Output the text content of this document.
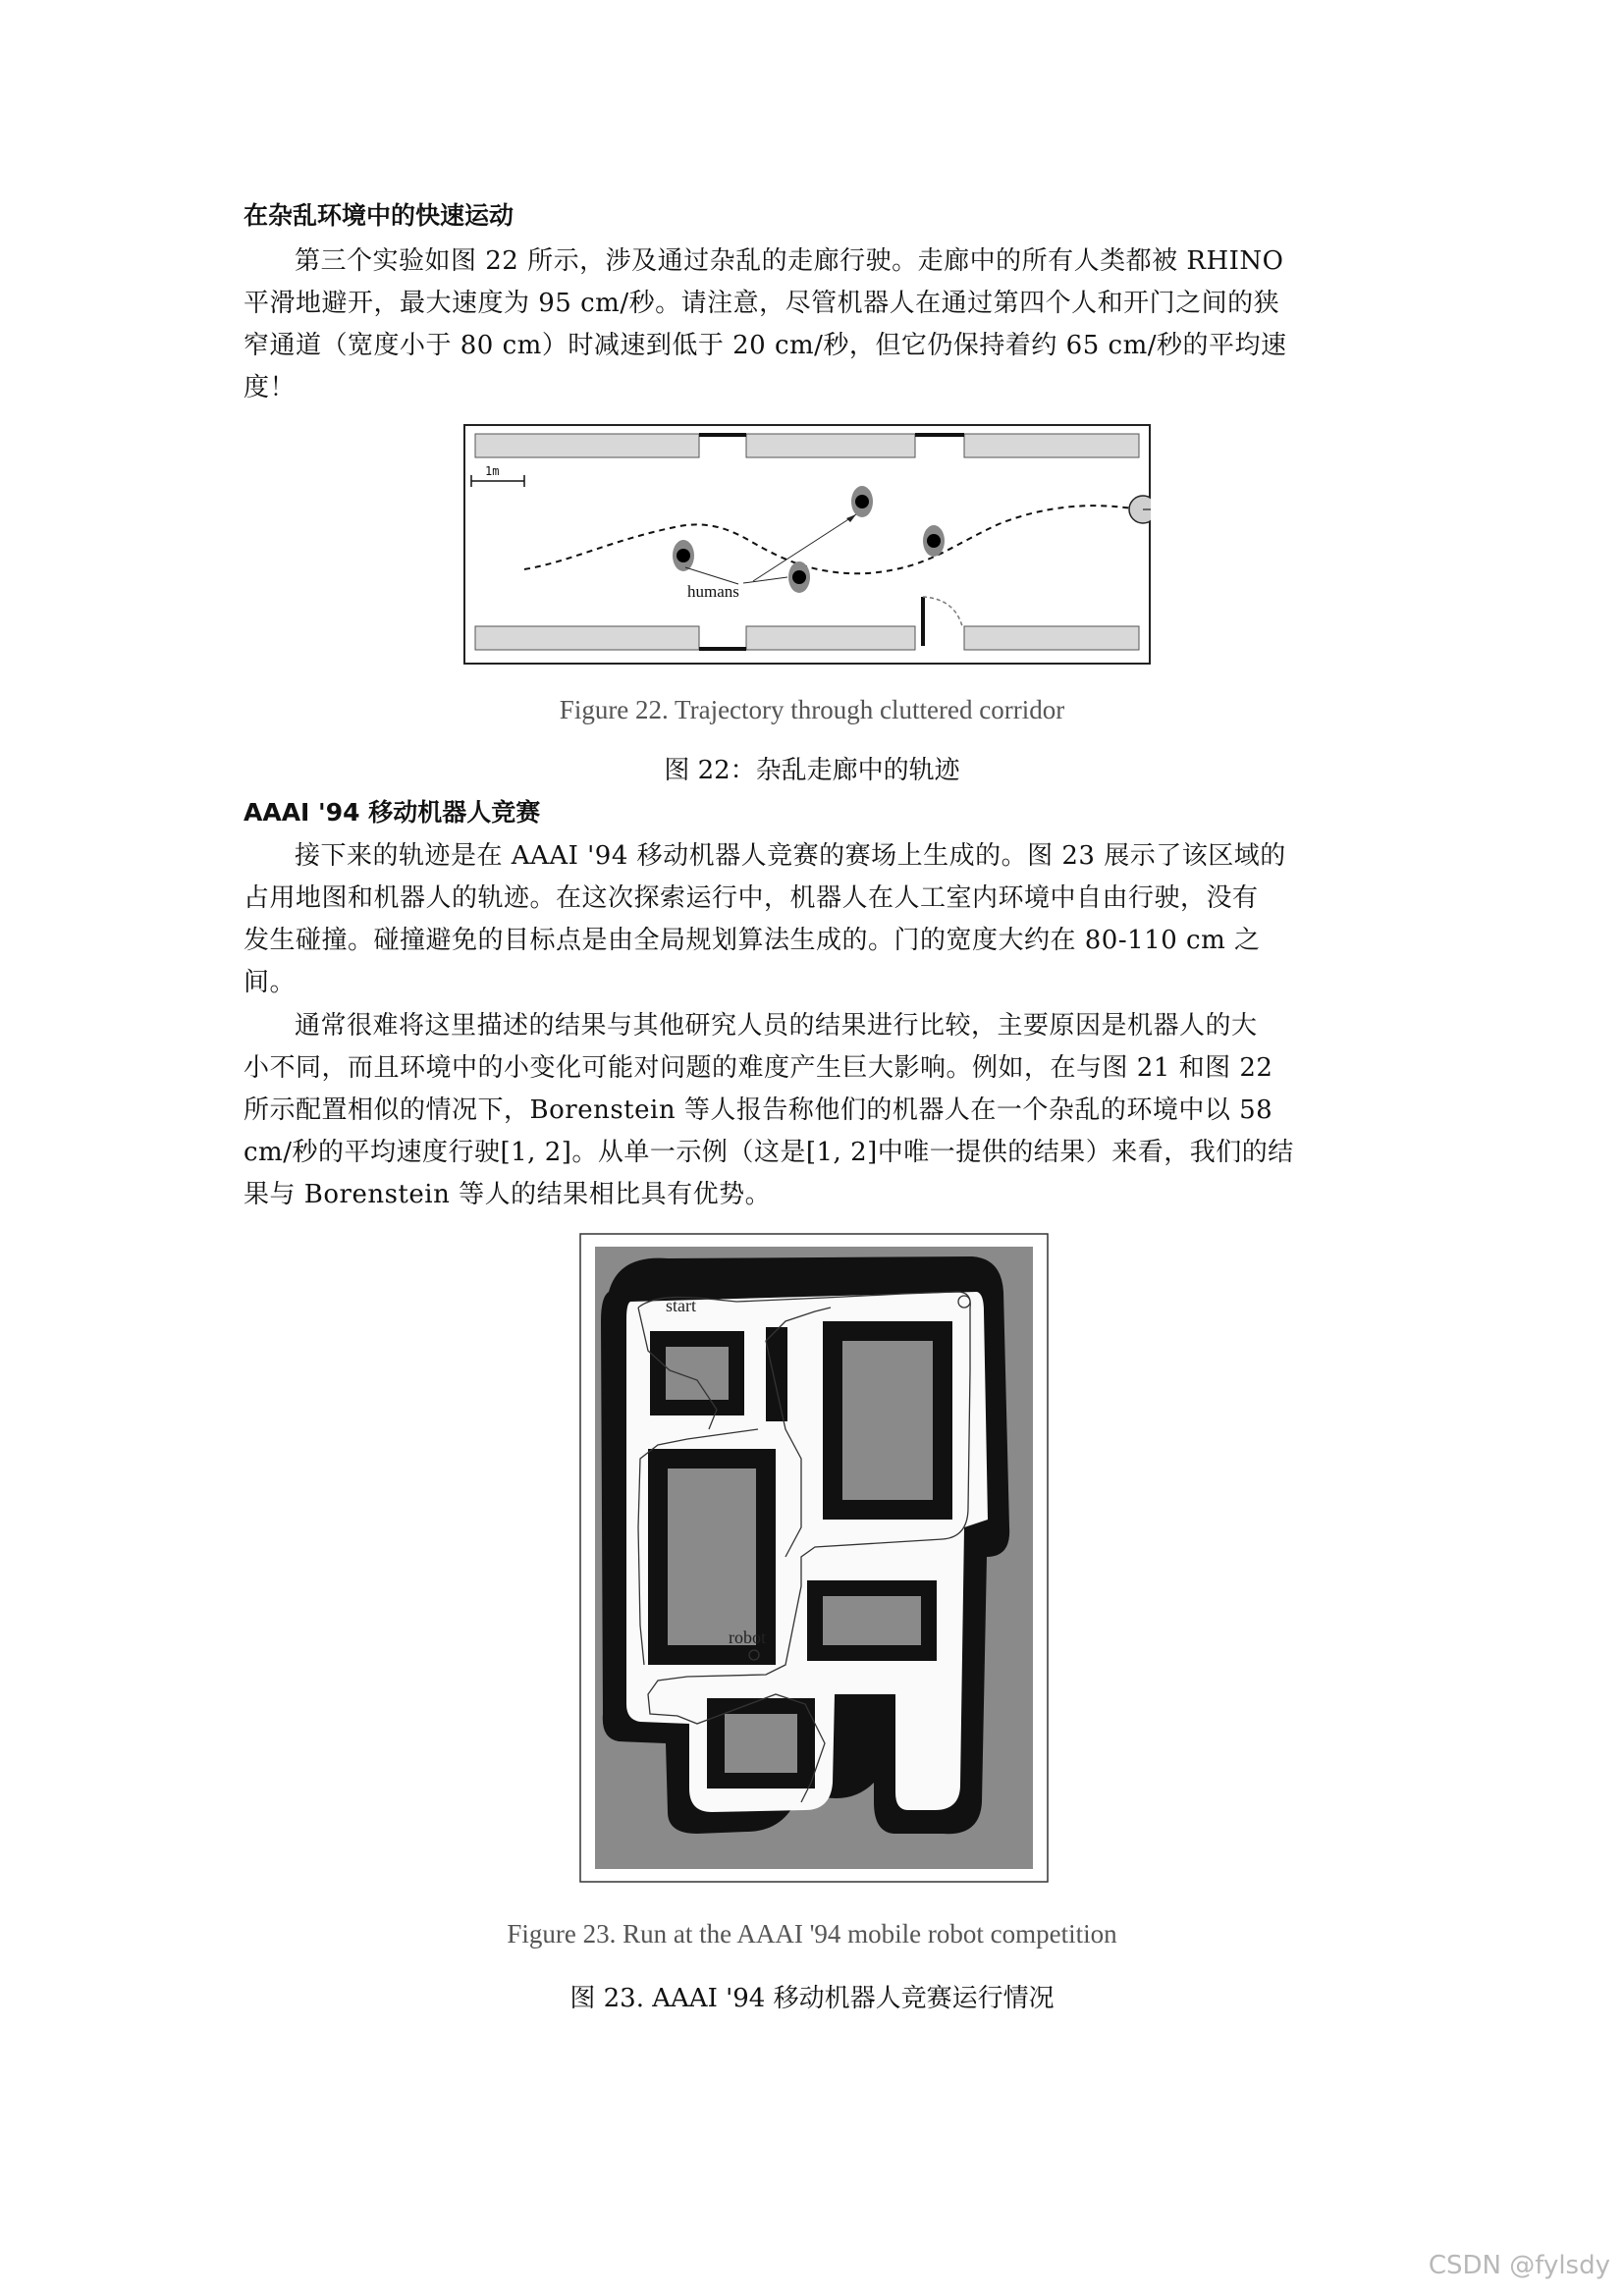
在杂乱环境中的快速运动

第三个实验如图 22 所示，涉及通过杂乱的走廊行驶。走廊中的所有人类都被 RHINO

平滑地避开，最大速度为 95 cm/秒。请注意，尽管机器人在通过第四个人和开门之间的狭

窄通道（宽度小于 80 cm）时减速到低于 20 cm/秒，但它仍保持着约 65 cm/秒的平均速

度！

1m
humans

Figure 22. Trajectory through cluttered corridor

图 22：杂乱走廊中的轨迹

AAAI '94 移动机器人竞赛

接下来的轨迹是在 AAAI '94 移动机器人竞赛的赛场上生成的。图 23 展示了该区域的

占用地图和机器人的轨迹。在这次探索运行中，机器人在人工室内环境中自由行驶，没有

发生碰撞。碰撞避免的目标点是由全局规划算法生成的。门的宽度大约在 80-110 cm 之

间。

通常很难将这里描述的结果与其他研究人员的结果进行比较，主要原因是机器人的大

小不同，而且环境中的小变化可能对问题的难度产生巨大影响。例如，在与图 21 和图 22

所示配置相似的情况下，Borenstein 等人报告称他们的机器人在一个杂乱的环境中以 58

cm/秒的平均速度行驶[1, 2]。从单一示例（这是[1, 2]中唯一提供的结果）来看，我们的结

果与 Borenstein 等人的结果相比具有优势。

start
robot

Figure 23. Run at the AAAI '94 mobile robot competition

图 23. AAAI '94 移动机器人竞赛运行情况

CSDN @fylsdy
